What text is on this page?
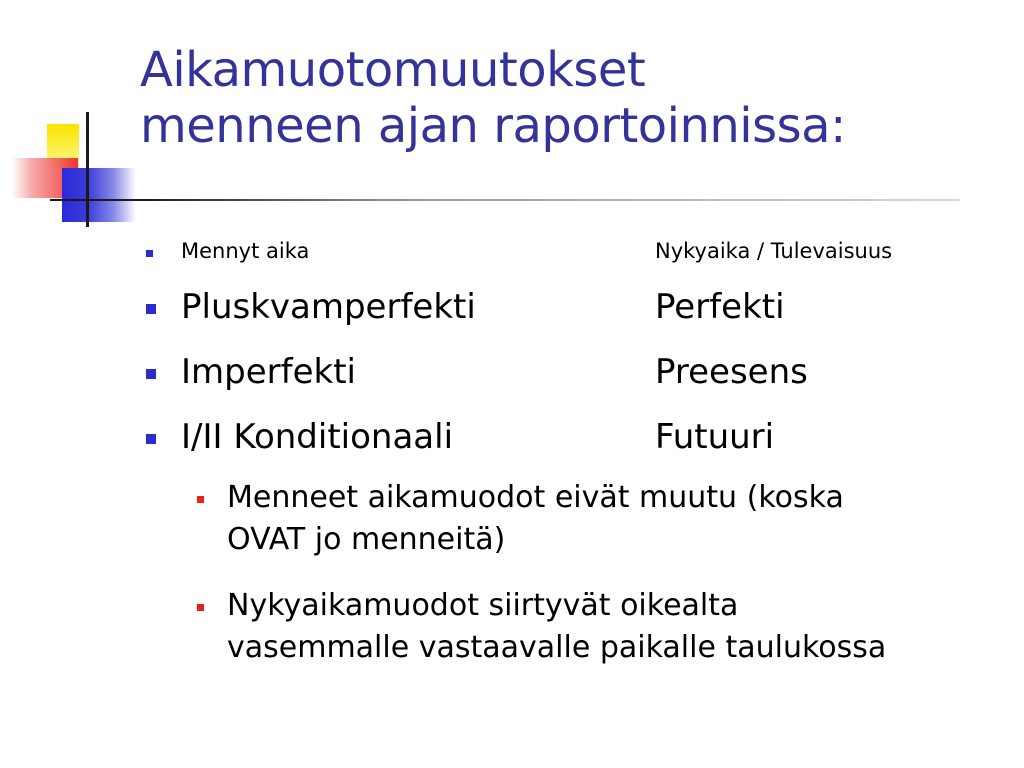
Aikamuotomuutokset
menneen ajan raportoinnissa:
Mennyt aika	Nykyaika / Tulevaisuus
Pluskvamperfekti	Perfekti
Imperfekti	Preesens
I/II Konditionaali	Futuuri
Menneet aikamuodot eivät muutu (koska
OVAT jo menneitä)
Nykyaikamuodot siirtyvät oikealta
vasemmalle vastaavalle paikalle taulukossa
